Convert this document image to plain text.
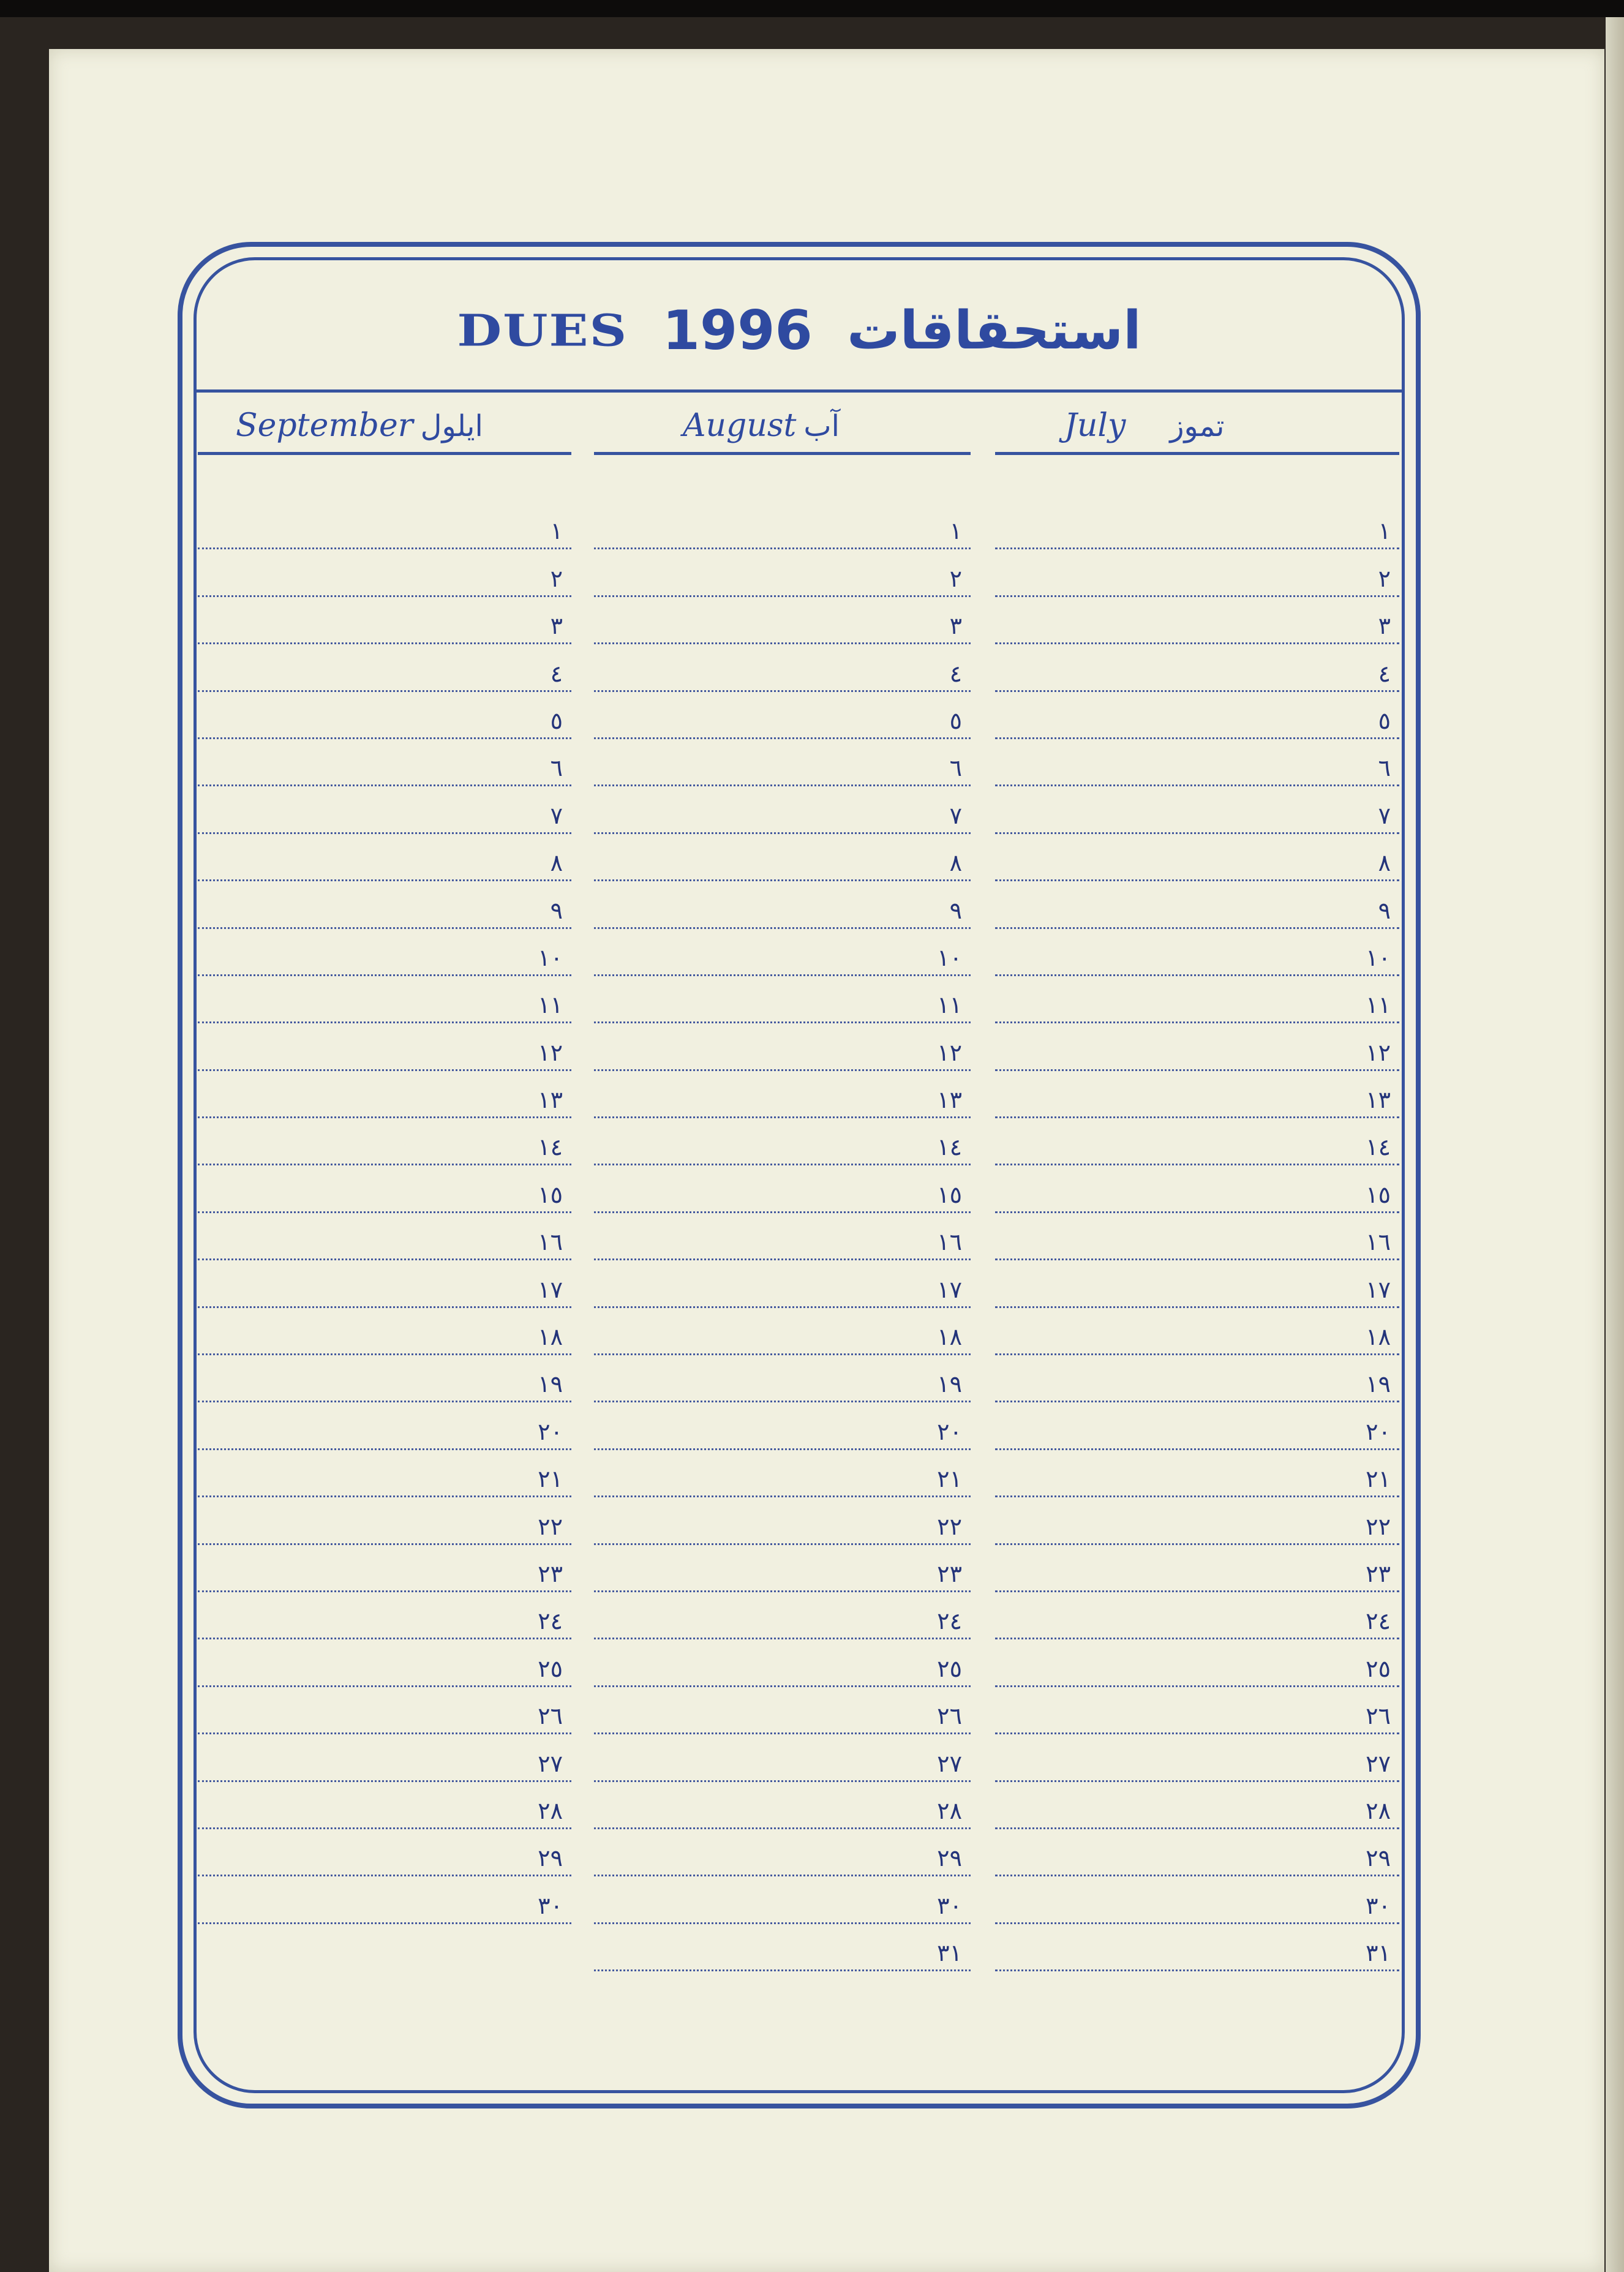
DUES 1996 استحقاقات
September ايلول	August آب	July تموز
١
٢
٣
٤
٥
٦
٧
٨
٩
١٠
١١
١٢
١٣
١٤
١٥
١٦
١٧
١٨
١٩
٢٠
٢١
٢٢
٢٣
٢٤
٢٥
٢٦
٢٧
٢٨
٢٩
٣٠
١
٢
٣
٤
٥
٦
٧
٨
٩
١٠
١١
١٢
١٣
١٤
١٥
١٦
١٧
١٨
١٩
٢٠
٢١
٢٢
٢٣
٢٤
٢٥
٢٦
٢٧
٢٨
٢٩
٣٠
٣١
١
٢
٣
٤
٥
٦
٧
٨
٩
١٠
١١
١٢
١٣
١٤
١٥
١٦
١٧
١٨
١٩
٢٠
٢١
٢٢
٢٣
٢٤
٢٥
٢٦
٢٧
٢٨
٢٩
٣٠
٣١
